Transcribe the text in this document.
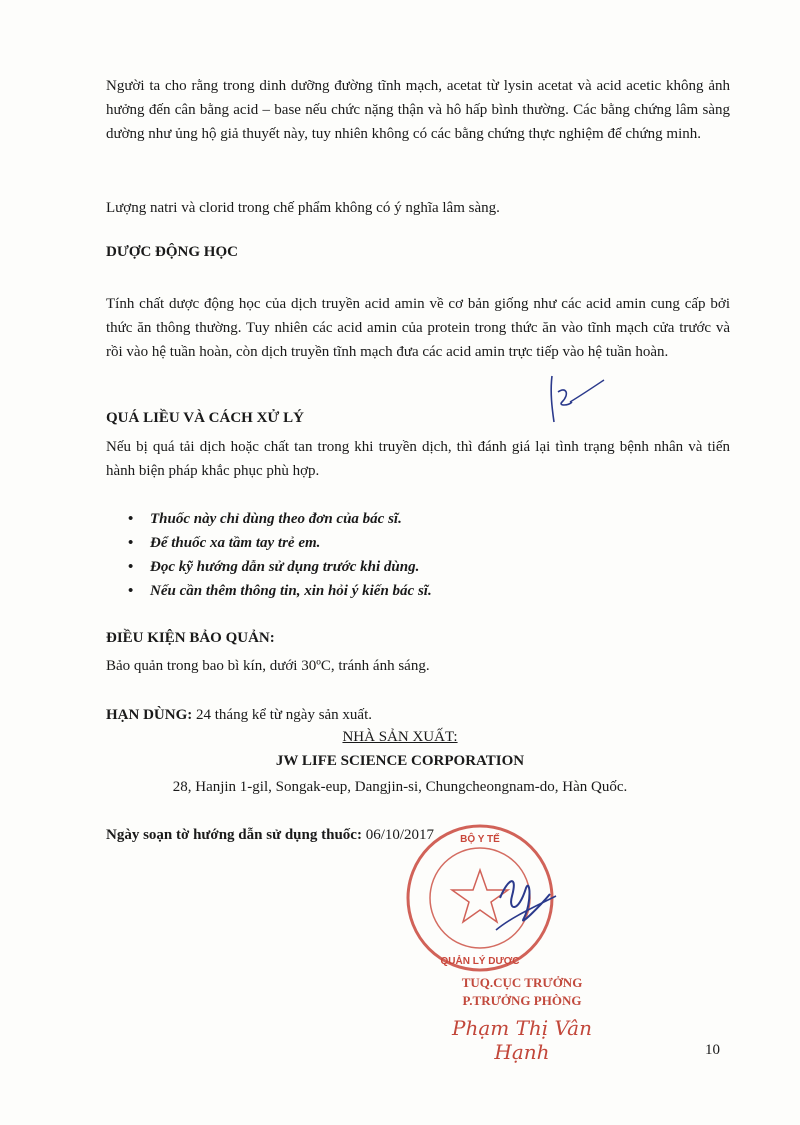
Người ta cho rằng trong dinh dưỡng đường tĩnh mạch, acetat từ lysin acetat và acid acetic không ảnh hưởng đến cân bằng acid – base nếu chức nặng thận và hô hấp bình thường. Các bằng chứng lâm sàng dường như ủng hộ giả thuyết này, tuy nhiên không có các bằng chứng thực nghiệm để chứng minh.

Lượng natri và clorid trong chế phẩm không có ý nghĩa lâm sàng.

DƯỢC ĐỘNG HỌC

Tính chất dược động học của dịch truyền acid amin về cơ bản giống như các acid amin cung cấp bởi thức ăn thông thường. Tuy nhiên các acid amin của protein trong thức ăn vào tĩnh mạch cửa trước và rồi vào hệ tuần hoàn, còn dịch truyền tĩnh mạch đưa các acid amin trực tiếp vào hệ tuần hoàn.

QUÁ LIỀU VÀ CÁCH XỬ LÝ

Nếu bị quá tải dịch hoặc chất tan trong khi truyền dịch, thì đánh giá lại tình trạng bệnh nhân và tiến hành biện pháp khắc phục phù hợp.

• Thuốc này chỉ dùng theo đơn của bác sĩ.
• Để thuốc xa tầm tay trẻ em.
• Đọc kỹ hướng dẫn sử dụng trước khi dùng.
• Nếu cần thêm thông tin, xin hỏi ý kiến bác sĩ.

ĐIỀU KIỆN BẢO QUẢN:

Bảo quản trong bao bì kín, dưới 30ºC, tránh ánh sáng.

HẠN DÙNG: 24 tháng kể từ ngày sản xuất.

NHÀ SẢN XUẤT:

JW LIFE SCIENCE CORPORATION

28, Hanjin 1-gil, Songak-eup, Dangjin-si, Chungcheongnam-do, Hàn Quốc.

Ngày soạn tờ hướng dẫn sử dụng thuốc: 06/10/2017	BỘ Y TẾ
QUẢN LÝ DƯỢC
TUQ.CỤC TRƯỞNG
P.TRƯỞNG PHÒNG
Phạm Thị Vân Hạnh	10
